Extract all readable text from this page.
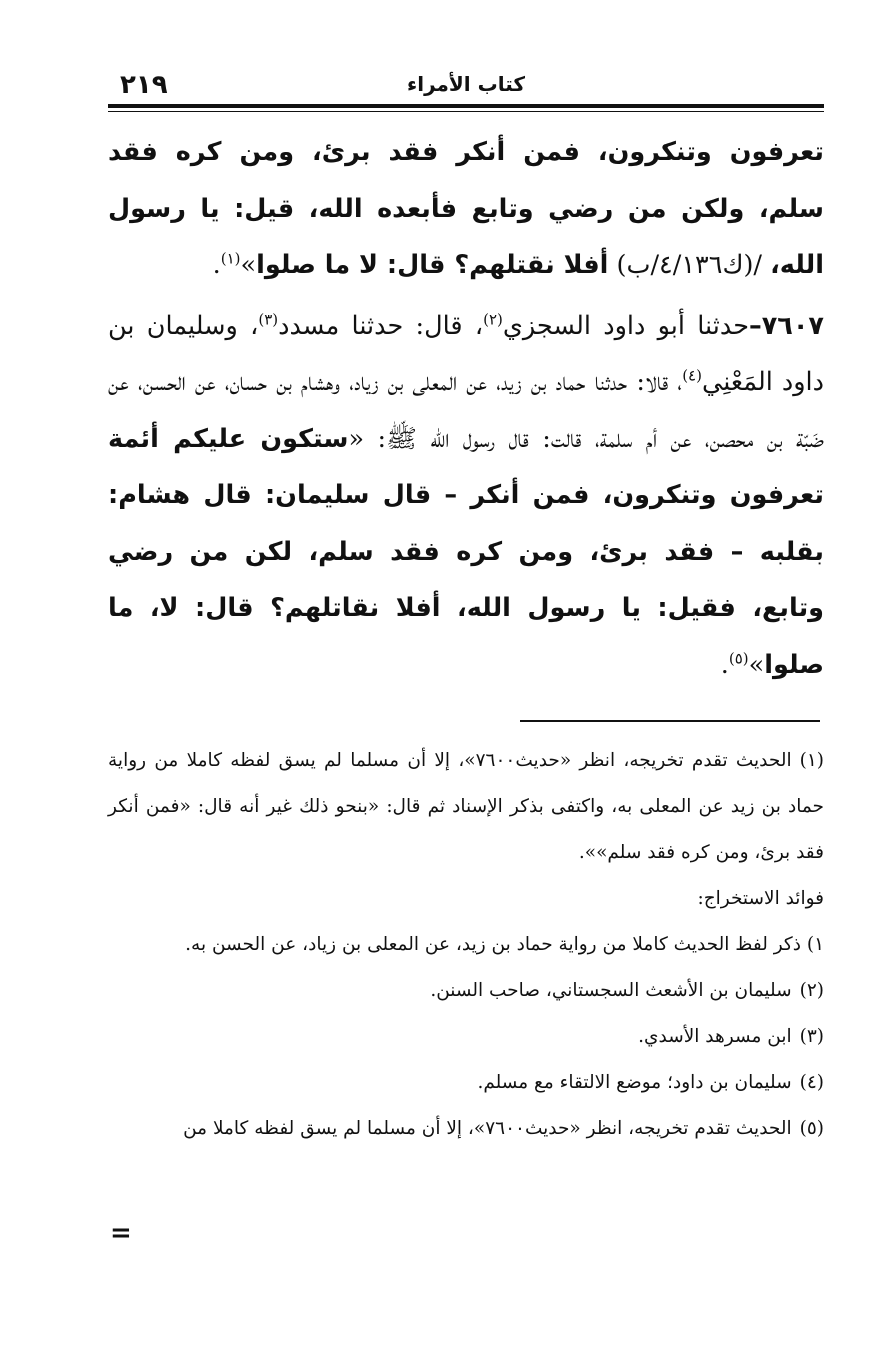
٢١٩	كتاب الأمراء

تعرفون وتنكرون، فمن أنكر فقد برئ، ومن كره فقد سلم، ولكن من رضي وتابع فأبعده الله، قيل: يا رسول الله، /(ك٤/١٣٦/ب) أفلا نقتلهم؟ قال: لا ما صلوا»$^{(١)}$.

٧٦٠٧–حدثنا أبو داود السجزي$^{(٢)}$، قال: حدثنا مسدد$^{(٣)}$، وسليمان بن داود المَعْنِي$^{(٤)}$، قالا: حدثنا حماد بن زيد، عن المعلى بن زياد، وهشام بن حسان، عن الحسن، عن ضَبّة بن محصن، عن أم سلمة، قالت: قال رسول الله ﷺ: «ستكون عليكم أئمة تعرفون وتنكرون، فمن أنكر – قال سليمان: قال هشام: بقلبه – فقد برئ، ومن كره فقد سلم، لكن من رضي وتابع، فقيل: يا رسول الله، أفلا نقاتلهم؟ قال: لا، ما صلوا»$^{(٥)}$.

(١)الحديث تقدم تخريجه، انظر «حديث٧٦٠٠»، إلا أن مسلما لم يسق لفظه كاملا من رواية حماد بن زيد عن المعلى به، واكتفى بذكر الإسناد ثم قال: «بنحو ذلك غير أنه قال: «فمن أنكر فقد برئ، ومن كره فقد سلم»».

فوائد الاستخراج:

١) ذكر لفظ الحديث كاملا من رواية حماد بن زيد، عن المعلى بن زياد، عن الحسن به.

(٢)سليمان بن الأشعث السجستاني، صاحب السنن.

(٣)ابن مسرهد الأسدي.

(٤)سليمان بن داود؛ موضع الالتقاء مع مسلم.

(٥)الحديث تقدم تخريجه، انظر «حديث٧٦٠٠»، إلا أن مسلما لم يسق لفظه كاملا من

=
